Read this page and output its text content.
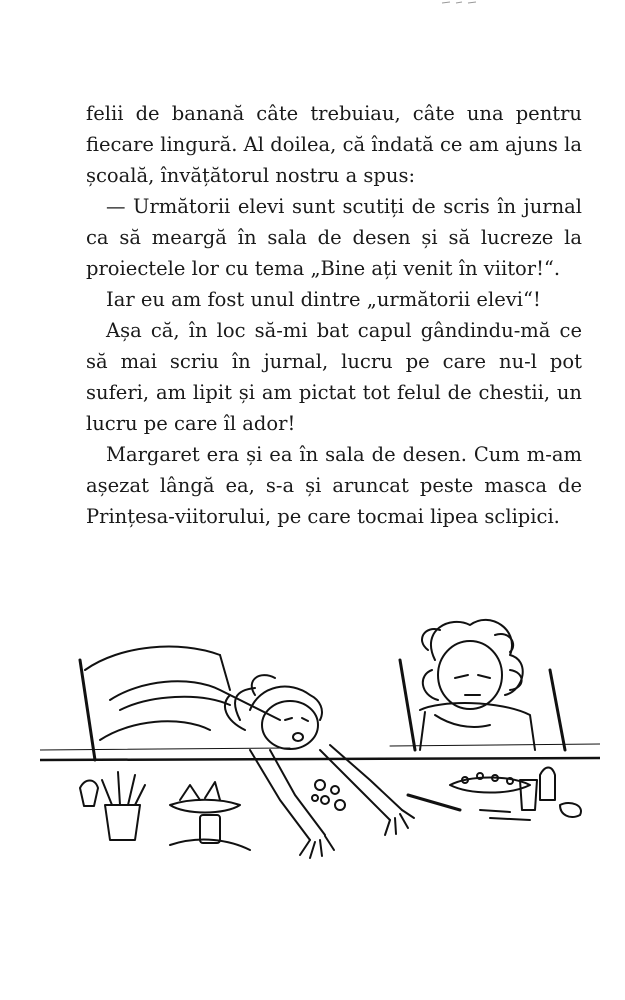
felii de banană câte trebuiau, câte una pentru fiecare lingură. Al doilea, că îndată ce am ajuns la școală, învățătorul nostru a spus:

— Următorii elevi sunt scutiți de scris în jurnal ca să meargă în sala de desen și să lucreze la proiectele lor cu tema „Bine ați venit în viitor!“.

Iar eu am fost unul dintre „următorii elevi“!

Așa că, în loc să-mi bat capul gândindu-mă ce să mai scriu în jurnal, lucru pe care nu-l pot suferi, am lipit și am pictat tot felul de chestii, un lucru pe care îl ador!

Margaret era și ea în sala de desen. Cum m-am așezat lângă ea, s-a și aruncat peste masca de Prințesa-viitorului, pe care tocmai lipea sclipici.
